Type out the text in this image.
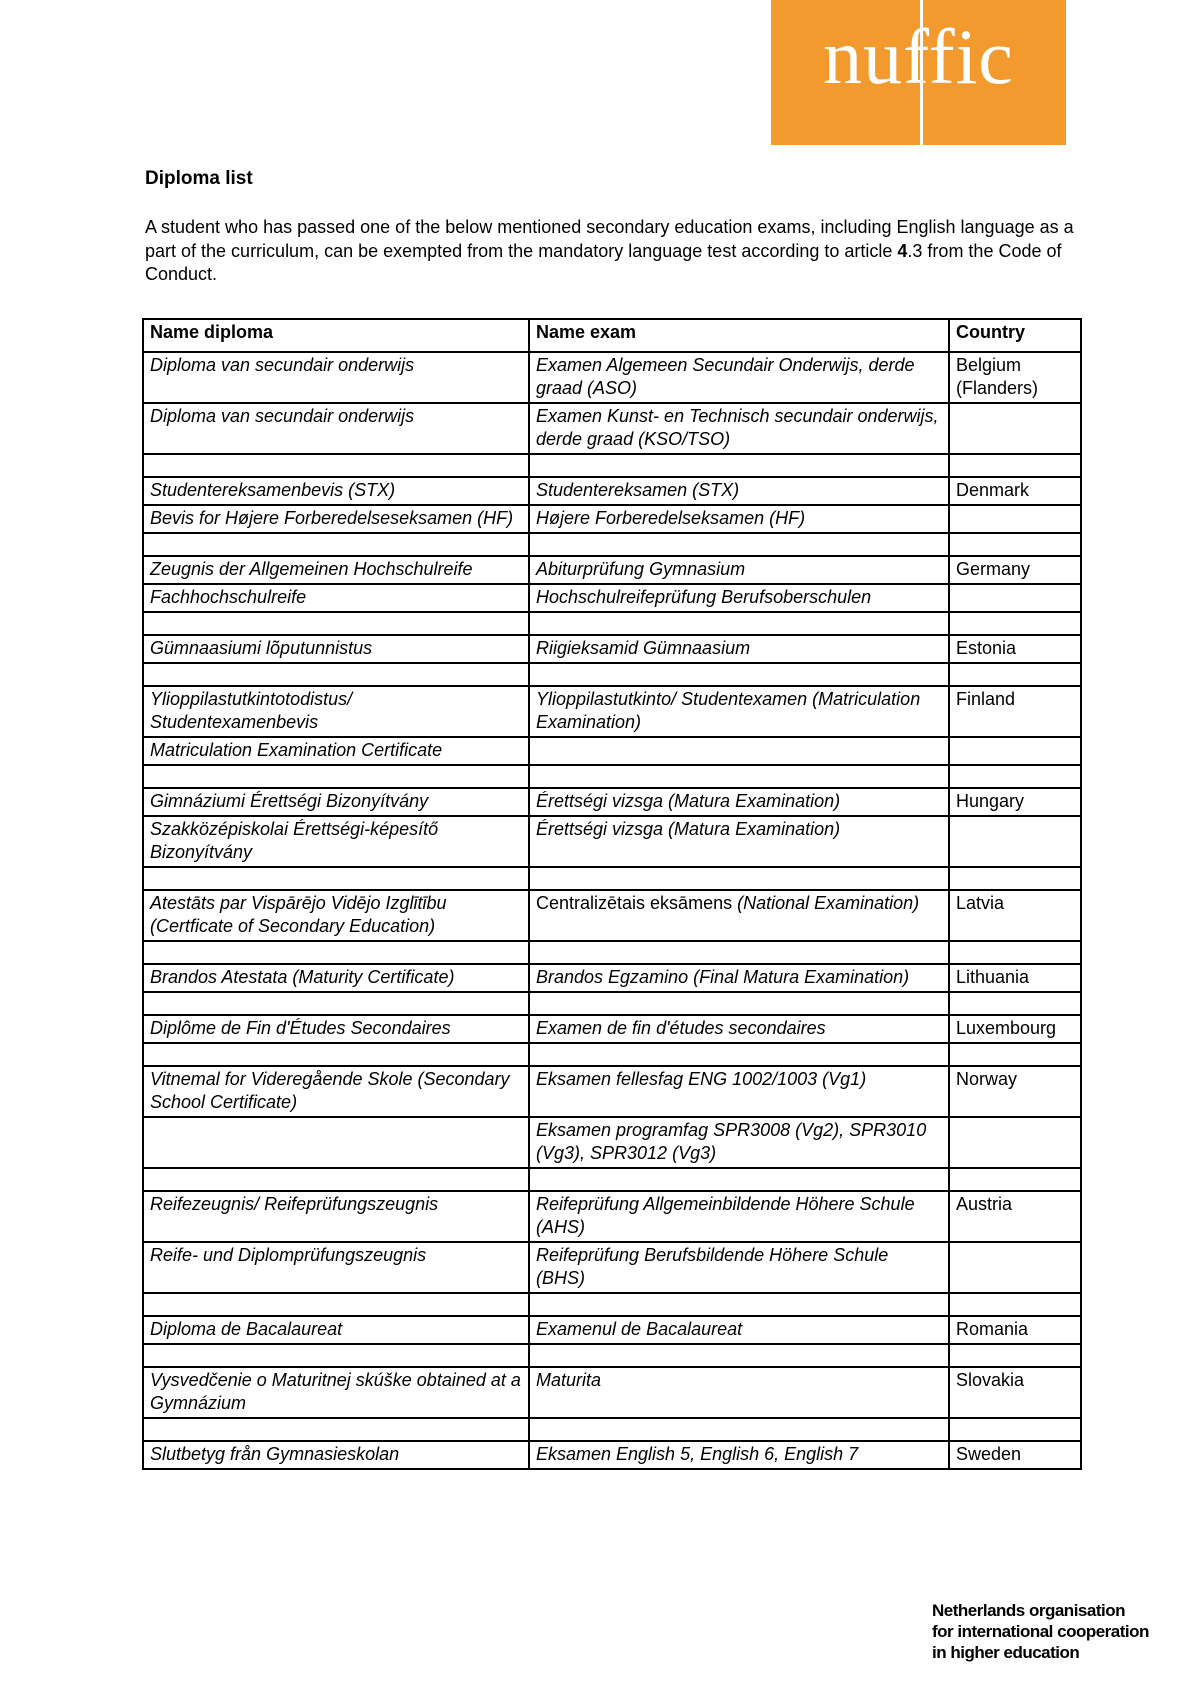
nuffic
Diploma list
A student who has passed one of the below mentioned secondary education exams, including English language as a part of the curriculum, can be exempted from the mandatory language test according to article 4.3 from the Code of Conduct.
Name diploma	Name exam	Country
Diploma van secundair onderwijs	Examen Algemeen Secundair Onderwijs, derde graad (ASO)	Belgium (Flanders)
Diploma van secundair onderwijs	Examen Kunst- en Technisch secundair onderwijs, derde graad (KSO/TSO)	

Studentereksamenbevis (STX)	Studentereksamen (STX)	Denmark
Bevis for Højere Forberedelseseksamen (HF)	Højere Forberedelseksamen (HF)	

Zeugnis der Allgemeinen Hochschulreife	Abiturprüfung Gymnasium	Germany
Fachhochschulreife	Hochschulreifeprüfung Berufsoberschulen	

Gümnaasiumi lõputunnistus	Riigieksamid Gümnaasium	Estonia

Ylioppilastutkintotodistus/ Studentexamenbevis	Ylioppilastutkinto/ Studentexamen (Matriculation Examination)	Finland
Matriculation Examination Certificate		

Gimnáziumi Érettségi Bizonyítvány	Érettségi vizsga (Matura Examination)	Hungary
Szakközépiskolai Érettségi-képesítő Bizonyítvány	Érettségi vizsga (Matura Examination)	

Atestāts par Vispārējo Vidējo Izglītību (Certficate of Secondary Education)	Centralizētais eksāmens (National Examination)	Latvia

Brandos Atestata (Maturity Certificate)	Brandos Egzamino (Final Matura Examination)	Lithuania

Diplôme de Fin d'Études Secondaires	Examen de fin d'études secondaires	Luxembourg

Vitnemal for Videregående Skole (Secondary School Certificate)	Eksamen fellesfag ENG 1002/1003 (Vg1)	Norway
	Eksamen programfag SPR3008 (Vg2), SPR3010 (Vg3), SPR3012 (Vg3)	

Reifezeugnis/ Reifeprüfungszeugnis	Reifeprüfung Allgemeinbildende Höhere Schule (AHS)	Austria
Reife- und Diplomprüfungszeugnis	Reifeprüfung Berufsbildende Höhere Schule (BHS)	

Diploma de Bacalaureat	Examenul de Bacalaureat	Romania

Vysvedčenie o Maturitnej skúške obtained at a Gymnázium	Maturita	Slovakia

Slutbetyg från Gymnasieskolan	Eksamen English 5, English 6, English 7	Sweden
Netherlands organisation
for international cooperation
in higher education
